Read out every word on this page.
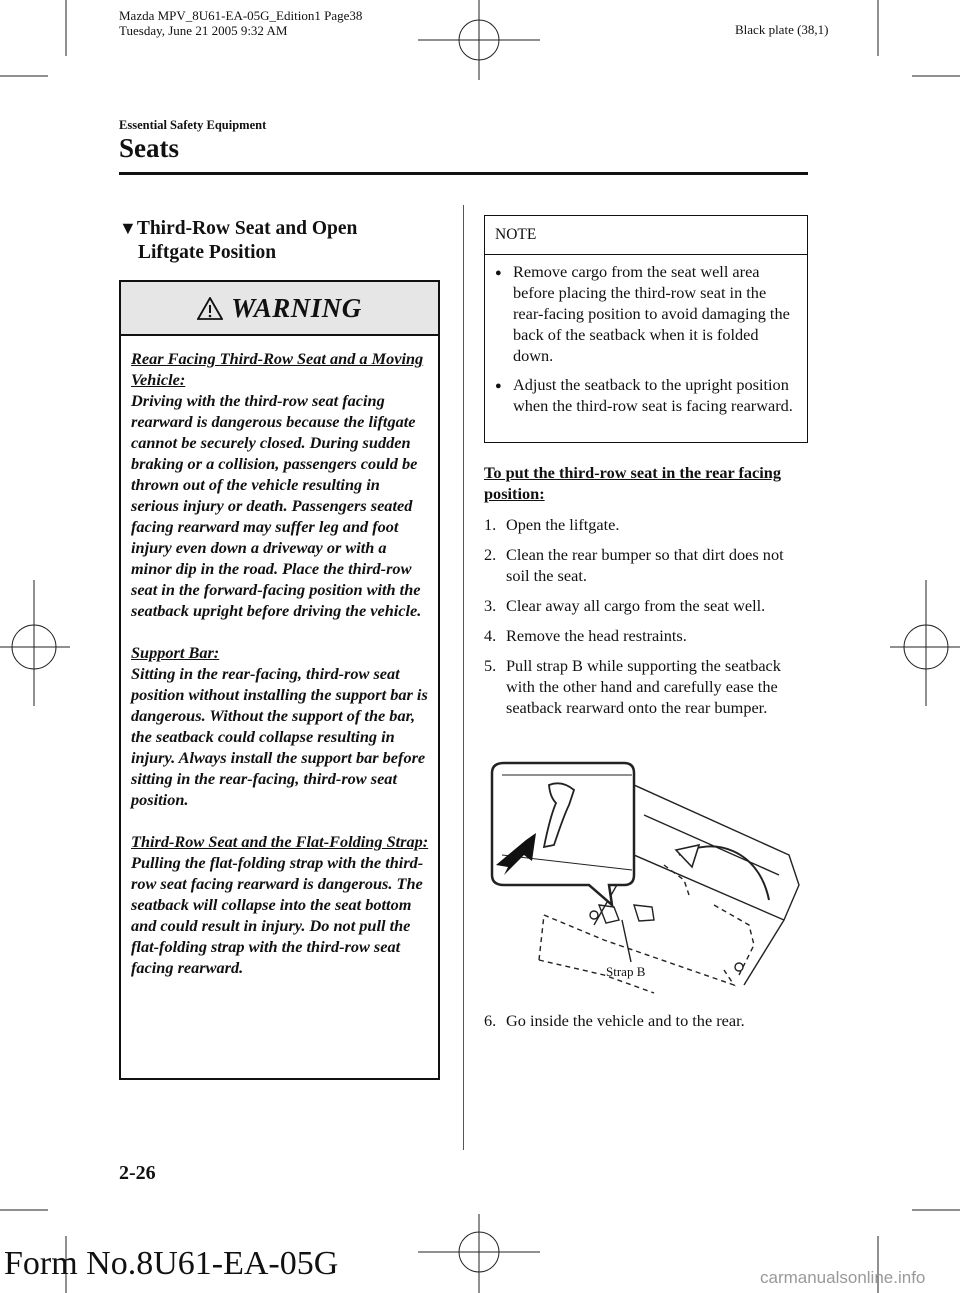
Mazda MPV_8U61-EA-05G_Edition1 Page38
Tuesday, June 21 2005 9:32 AM	Black plate (38,1)
Essential Safety Equipment
Seats
▼Third-Row Seat and Open
Liftgate Position
WARNING

Rear Facing Third-Row Seat and a Moving Vehicle:
Driving with the third-row seat facing rearward is dangerous because the liftgate cannot be securely closed. During sudden braking or a collision, passengers could be thrown out of the vehicle resulting in serious injury or death. Passengers seated facing rearward may suffer leg and foot injury even down a driveway or with a minor dip in the road. Place the third-row seat in the forward-facing position with the seatback upright before driving the vehicle.

Support Bar:
Sitting in the rear-facing, third-row seat position without installing the support bar is dangerous. Without the support of the bar, the seatback could collapse resulting in injury. Always install the support bar before sitting in the rear-facing, third-row seat position.

Third-Row Seat and the Flat-Folding Strap:
Pulling the flat-folding strap with the third-row seat facing rearward is dangerous. The seatback will collapse into the seat bottom and could result in injury. Do not pull the flat-folding strap with the third-row seat facing rearward.

NOTE
● Remove cargo from the seat well area before placing the third-row seat in the rear-facing position to avoid damaging the back of the seatback when it is folded down.
● Adjust the seatback to the upright position when the third-row seat is facing rearward.
To put the third-row seat in the rear facing position:
1. Open the liftgate.
2. Clean the rear bumper so that dirt does not soil the seat.
3. Clear away all cargo from the seat well.
4. Remove the head restraints.
5. Pull strap B while supporting the seatback with the other hand and carefully ease the seatback rearward onto the rear bumper.
Strap B
6. Go inside the vehicle and to the rear.
2-26
Form No.8U61-EA-05G	carmanualsonline.info
